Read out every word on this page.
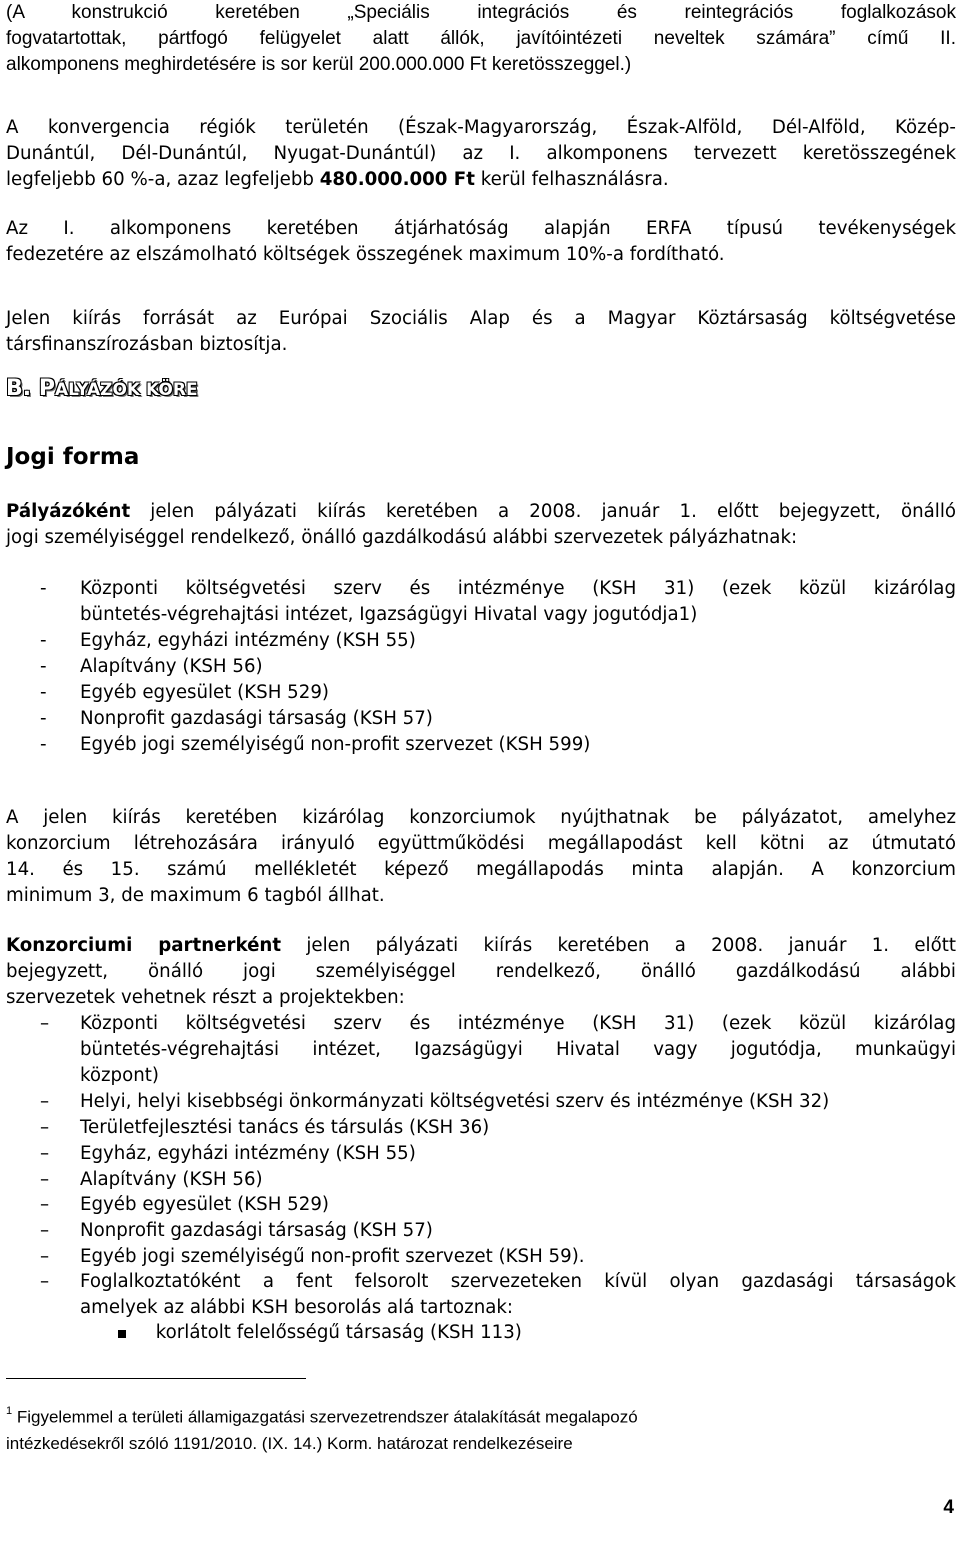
(A konstrukció keretében „Speciális integrációs és reintegrációs foglalkozások
fogvatartottak, pártfogó felügyelet alatt állók, javítóintézeti neveltek számára” című II.
alkomponens meghirdetésére is sor kerül 200.000.000 Ft keretösszeggel.)
A konvergencia régiók területén (Észak-Magyarország, Észak-Alföld, Dél-Alföld, Közép-
Dunántúl, Dél-Dunántúl, Nyugat-Dunántúl) az I. alkomponens tervezett keretösszegének
legfeljebb 60 %-a, azaz legfeljebb 480.000.000 Ft kerül felhasználásra.
Az I. alkomponens keretében átjárhatóság alapján ERFA típusú tevékenységek
fedezetére az elszámolható költségek összegének maximum 10%-a fordítható.
Jelen kiírás forrását az Európai Szociális Alap és a Magyar Köztársaság költségvetése
társfinanszírozásban biztosítja.
B. PÁLYÁZÓK KÖRE
Jogi forma
Pályázóként jelen pályázati kiírás keretében a 2008. január 1. előtt bejegyzett, önálló
jogi személyiséggel rendelkező, önálló gazdálkodású alábbi szervezetek pályázhatnak:
- Központi költségvetési szerv és intézménye (KSH 31) (ezek közül kizárólag
büntetés-végrehajtási intézet, Igazságügyi Hivatal vagy jogutódja1)
- Egyház, egyházi intézmény (KSH 55)
- Alapítvány (KSH 56)
- Egyéb egyesület (KSH 529)
- Nonprofit gazdasági társaság (KSH 57)
- Egyéb jogi személyiségű non-profit szervezet (KSH 599)
A jelen kiírás keretében kizárólag konzorciumok nyújthatnak be pályázatot, amelyhez
konzorcium létrehozására irányuló együttműködési megállapodást kell kötni az útmutató
14. és 15. számú mellékletét képező megállapodás minta alapján. A konzorcium
minimum 3, de maximum 6 tagból állhat.
Konzorciumi partnerként jelen pályázati kiírás keretében a 2008. január 1. előtt
bejegyzett, önálló jogi személyiséggel rendelkező, önálló gazdálkodású alábbi
szervezetek vehetnek részt a projektekben:
– Központi költségvetési szerv és intézménye (KSH 31) (ezek közül kizárólag
büntetés-végrehajtási intézet, Igazságügyi Hivatal vagy jogutódja, munkaügyi
központ)
– Helyi, helyi kisebbségi önkormányzati költségvetési szerv és intézménye (KSH 32)
– Területfejlesztési tanács és társulás (KSH 36)
– Egyház, egyházi intézmény (KSH 55)
– Alapítvány (KSH 56)
– Egyéb egyesület (KSH 529)
– Nonprofit gazdasági társaság (KSH 57)
– Egyéb jogi személyiségű non-profit szervezet (KSH 59).
– Foglalkoztatóként a fent felsorolt szervezeteken kívül olyan gazdasági társaságok
amelyek az alábbi KSH besorolás alá tartoznak:
korlátolt felelősségű társaság (KSH 113)
$^1$ Figyelemmel a területi államigazgatási szervezetrendszer átalakítását megalapozó
intézkedésekről szóló 1191/2010. (IX. 14.) Korm. határozat rendelkezéseire
4
